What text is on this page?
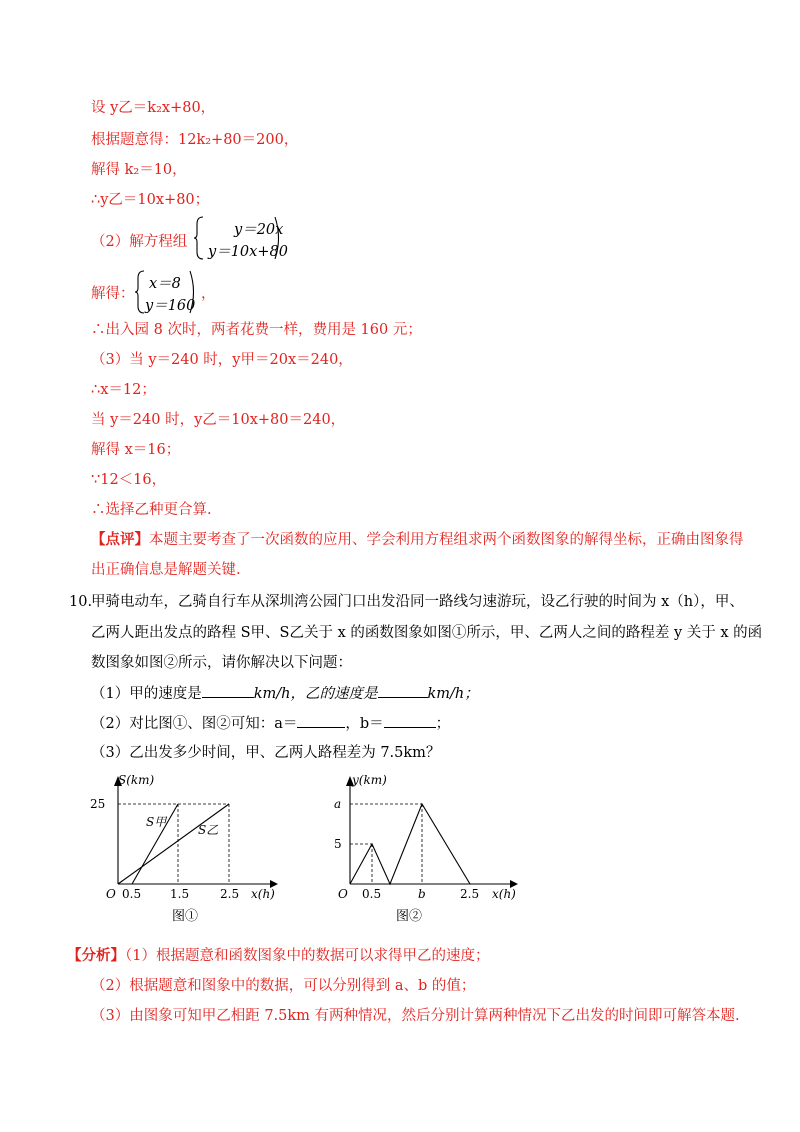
设 y乙＝k₂x+80，
根据题意得：12k₂+80＝200，
解得 k₂＝10，
∴y乙＝10x+80；
（2）解方程组
y＝20x
y＝10x+80
解得：
x＝8
y＝160
，
∴出入园 8 次时，两者花费一样，费用是 160 元；
（3）当 y＝240 时，y甲＝20x＝240，
∴x＝12；
当 y＝240 时，y乙＝10x+80＝240，
解得 x＝16；
∵12＜16，
∴选择乙种更合算.
【点评】本题主要考查了一次函数的应用、学会利用方程组求两个函数图象的解得坐标，正确由图象得
出正确信息是解题关键.
10.
甲骑电动车，乙骑自行车从深圳湾公园门口出发沿同一路线匀速游玩，设乙行驶的时间为 x（h），甲、
乙两人距出发点的路程 S甲、S乙关于 x 的函数图象如图①所示，甲、乙两人之间的路程差 y 关于 x 的函
数图象如图②所示，请你解决以下问题：
（1）甲的速度是	km/h，乙的速度是	km/h；
（2）对比图①、图②可知：a＝	，b＝	；
（3）乙出发多少时间，甲、乙两人路程差为 7.5km？
S(km)
25
O 0.5 1.5	2.5 x(h)
S甲
S乙
图①
y(km)
a
5
O 0.5	b	2.5 x(h)
图②
【分析】（1）根据题意和函数图象中的数据可以求得甲乙的速度；
（2）根据题意和图象中的数据，可以分别得到 a、b 的值；
（3）由图象可知甲乙相距 7.5km 有两种情况，然后分别计算两种情况下乙出发的时间即可解答本题.
